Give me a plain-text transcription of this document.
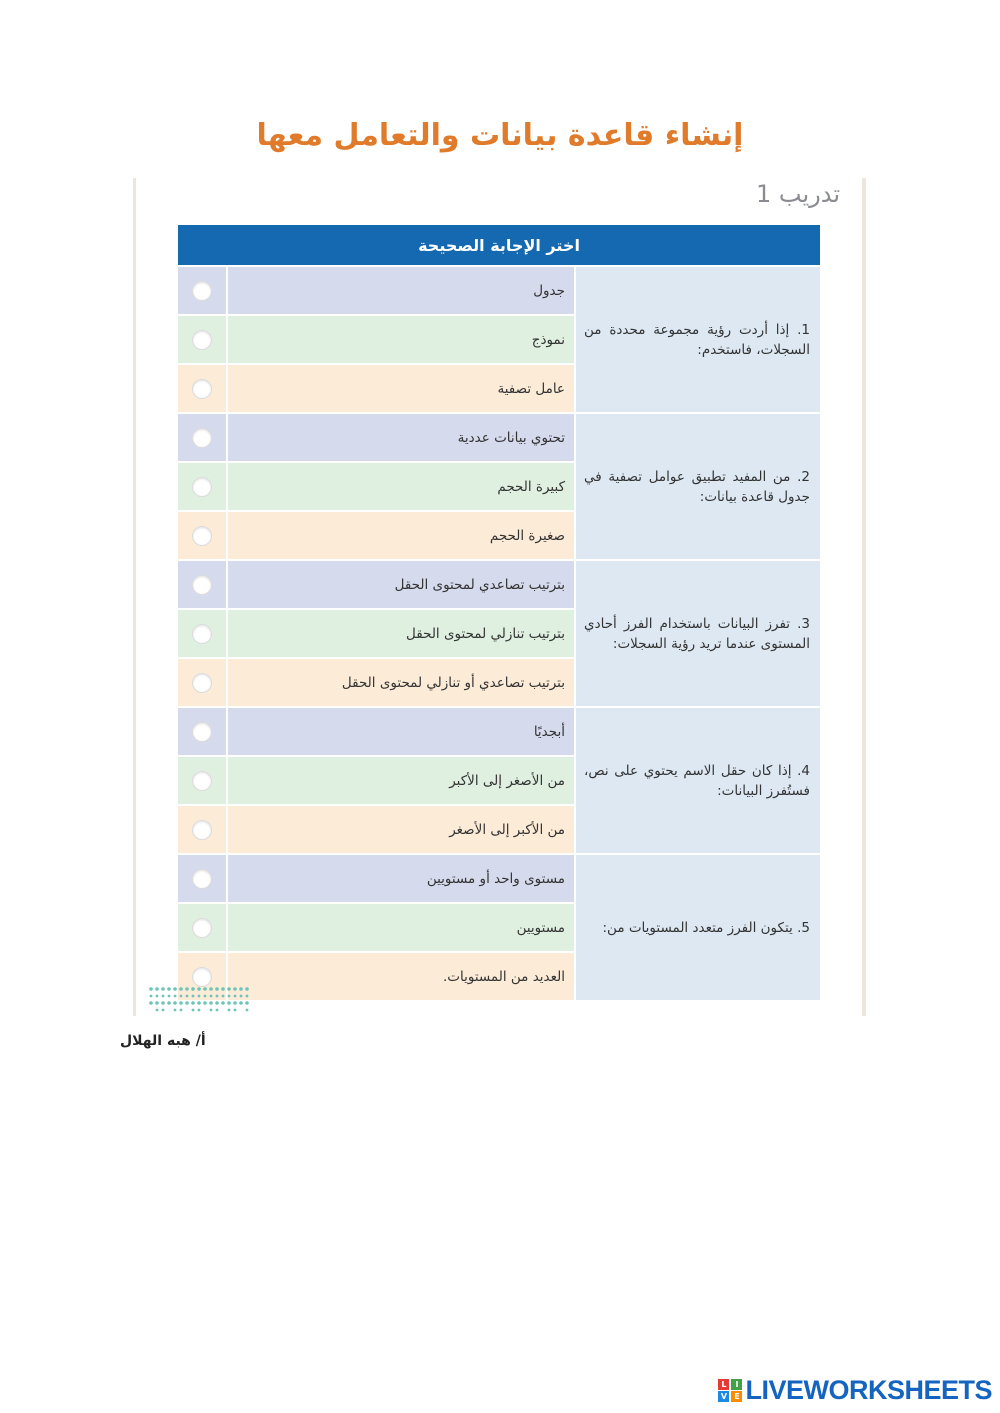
إنشاء قاعدة بيانات والتعامل معها
تدريب 1
اختر الإجابة الصحيحة
1. إذا أردت رؤية مجموعة محددة من السجلات، فاستخدم:
جدول
نموذج
عامل تصفية
2. من المفيد تطبيق عوامل تصفية في جدول قاعدة بيانات:
تحتوي بيانات عددية
كبيرة الحجم
صغيرة الحجم
3. تفرز البيانات باستخدام الفرز أحادي المستوى عندما تريد رؤية السجلات:
بترتيب تصاعدي لمحتوى الحقل
بترتيب تنازلي لمحتوى الحقل
بترتيب تصاعدي أو تنازلي لمحتوى الحقل
4. إذا كان حقل الاسم يحتوي على نص، فستُفرز البيانات:
أبجديًا
من الأصغر إلى الأكبر
من الأكبر إلى الأصغر
5. يتكون الفرز متعدد المستويات من:
مستوى واحد أو مستويين
مستويين
العديد من المستويات.
أ/ هبه الهلال
L	I
V E LIVEWORKSHEETS
